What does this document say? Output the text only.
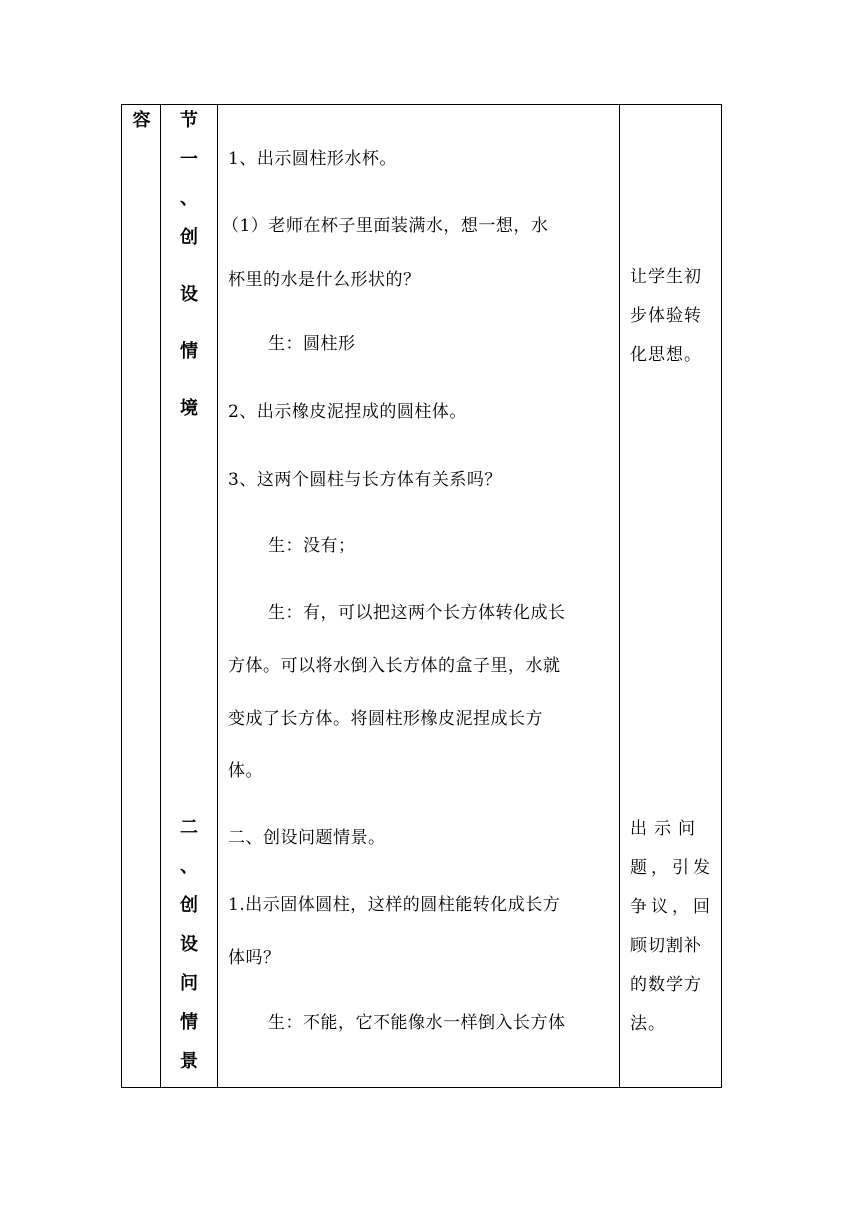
容	节
一
、
创
设
情
境
二
、
创
设
问
情
景
1、出示圆柱形水杯。
（1）老师在杯子里面装满水，想一想，水
杯里的水是什么形状的？
生：圆柱形
2、出示橡皮泥捏成的圆柱体。
3、这两个圆柱与长方体有关系吗？
生：没有；
生：有，可以把这两个长方体转化成长
方体。可以将水倒入长方体的盒子里，水就
变成了长方体。将圆柱形橡皮泥捏成长方
体。
二、创设问题情景。
1.出示固体圆柱，这样的圆柱能转化成长方
体吗？
生：不能，它不能像水一样倒入长方体
让学生初
步体验转
化思想。
出示问
题，引发
争议，回
顾切割补
的数学方
法。
